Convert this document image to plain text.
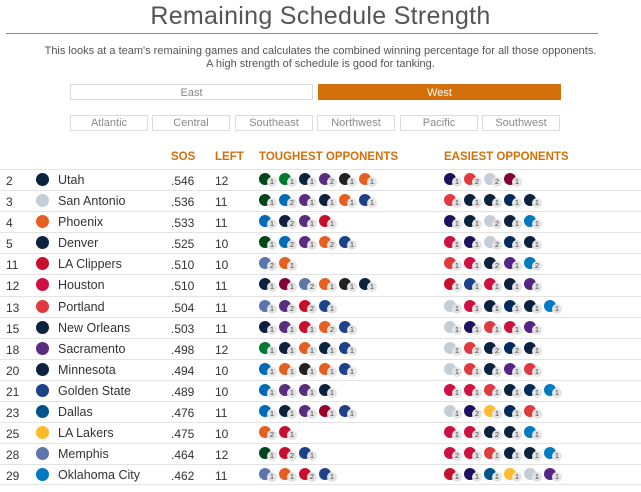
Remaining Schedule Strength
This looks at a team's remaining games and calculates the combined winning percentage for all those opponents.
A high strength of schedule is good for tanking.
East	West
Atlantic	Central	Southeast	Northwest	Pacific	Southwest
SOS LEFT TOUGHEST OPPONENTS	EASIEST OPPONENTS
2	Utah	.546 12	1	1	1	2	1	1	1	2	2	1
3	San Antonio	.536 11	1	2	1	1	1	1	1	1	1	1	1
4	Phoenix	.533 11	1	2	1	1	1	1	2	1	1
5	Denver	.525 10	1	2	1	2	1	1	1	2	1	1
11	LA Clippers	.510 10	2	1	1	1	2	1	2
12	Houston	.510 11	1	1	2	1	1	1	1	1	1	1	1
13	Portland	.504 11	1	2	2	1	1	1	1	1	1	1
15	New Orleans	.503 11	1	1	1	2	1	1	1	1	1	1
18	Sacramento	.498 12	1	1	1	1	1	1	2	2	2	1
20	Minnesota	.494 10	1	1	1	1	1	1	1	1	1	1
21	Golden State	.489 10	1	1	1	1	1	1	1	1	1	1
23	Dallas	.476 11	1	1	1	1	1	1	2	1	1	1
25	LA Lakers	.475 10	2	1	1	2	2	1	1
28	Memphis	.464 12	1	2	1	2	1	1	1	1	1
29	Oklahoma City	.462 11	1	1	2	1	1	1	1	1	1	1
